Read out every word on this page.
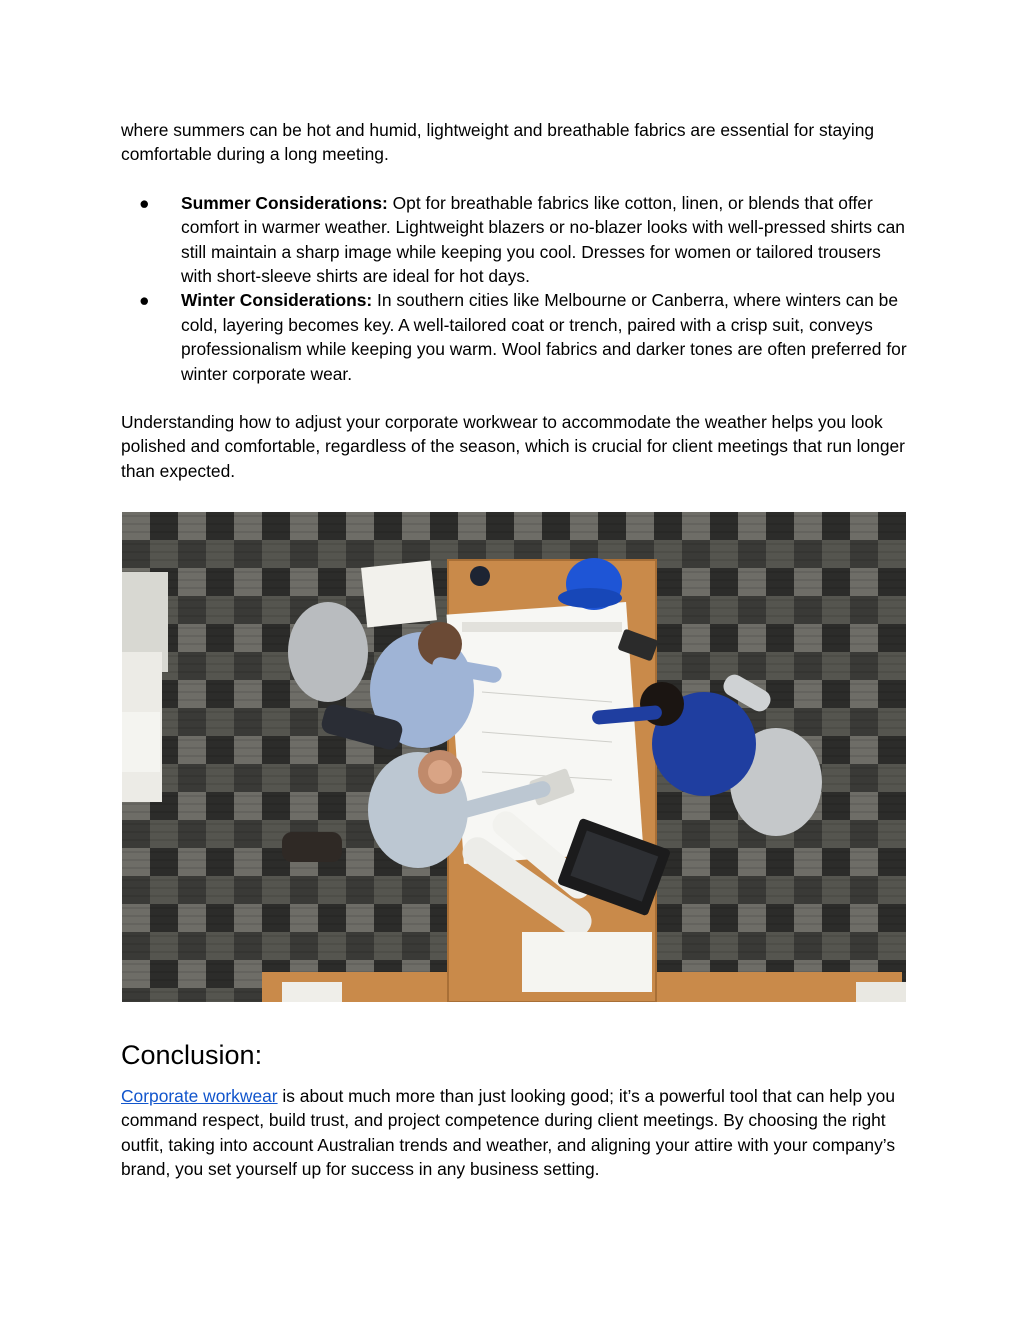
where summers can be hot and humid, lightweight and breathable fabrics are essential for staying comfortable during a long meeting.

● Summer Considerations: Opt for breathable fabrics like cotton, linen, or blends that offer comfort in warmer weather. Lightweight blazers or no-blazer looks with well-pressed shirts can still maintain a sharp image while keeping you cool. Dresses for women or tailored trousers with short-sleeve shirts are ideal for hot days.
● Winter Considerations: In southern cities like Melbourne or Canberra, where winters can be cold, layering becomes key. A well-tailored coat or trench, paired with a crisp suit, conveys professionalism while keeping you warm. Wool fabrics and darker tones are often preferred for winter corporate wear.

Understanding how to adjust your corporate workwear to accommodate the weather helps you look polished and comfortable, regardless of the season, which is crucial for client meetings that run longer than expected.

Conclusion:

Corporate workwear is about much more than just looking good; it’s a powerful tool that can help you command respect, build trust, and project competence during client meetings. By choosing the right outfit, taking into account Australian trends and weather, and aligning your attire with your company’s brand, you set yourself up for success in any business setting.
